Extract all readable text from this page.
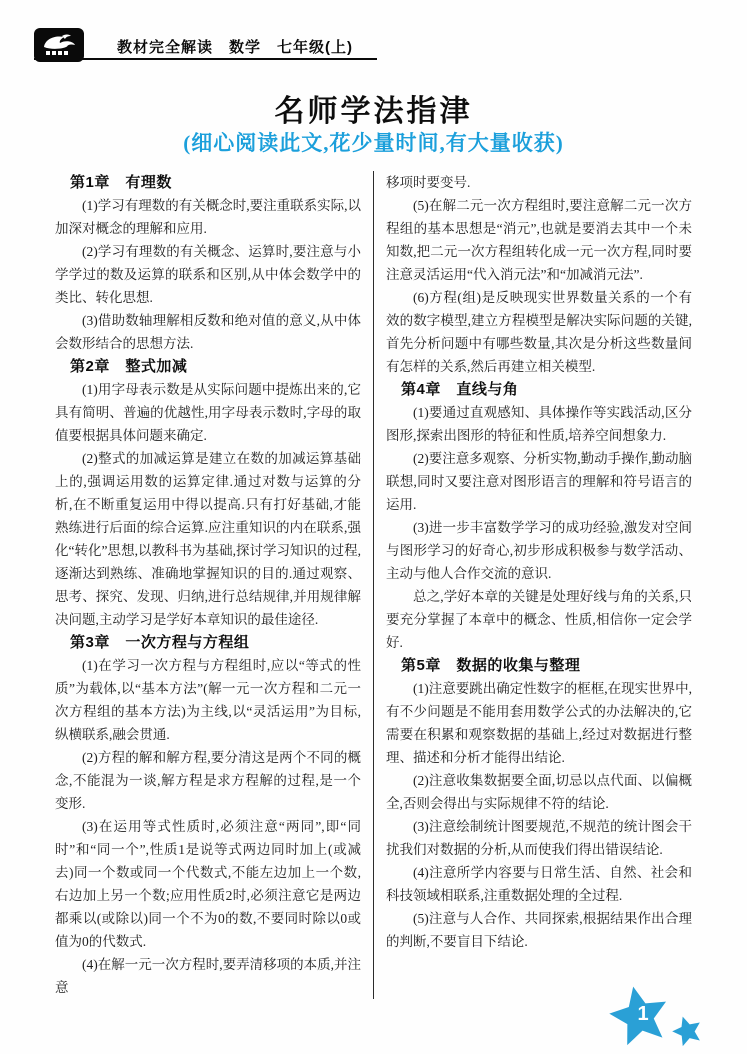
教材完全解读　数学　七年级(上)
名师学法指津
(细心阅读此文,花少量时间,有大量收获)
第1章　有理数

(1)学习有理数的有关概念时,要注重联系实际,以加深对概念的理解和应用.

(2)学习有理数的有关概念、运算时,要注意与小学学过的数及运算的联系和区别,从中体会数学中的类比、转化思想.

(3)借助数轴理解相反数和绝对值的意义,从中体会数形结合的思想方法.

第2章　整式加减

(1)用字母表示数是从实际问题中提炼出来的,它具有简明、普遍的优越性,用字母表示数时,字母的取值要根据具体问题来确定.

(2)整式的加减运算是建立在数的加减运算基础上的,强调运用数的运算定律.通过对数与运算的分析,在不断重复运用中得以提高.只有打好基础,才能熟练进行后面的综合运算.应注重知识的内在联系,强化“转化”思想,以教科书为基础,探讨学习知识的过程,逐渐达到熟练、准确地掌握知识的目的.通过观察、思考、探究、发现、归纳,进行总结规律,并用规律解决问题,主动学习是学好本章知识的最佳途径.

第3章　一次方程与方程组

(1)在学习一次方程与方程组时,应以“等式的性质”为载体,以“基本方法”(解一元一次方程和二元一次方程组的基本方法)为主线,以“灵活运用”为目标,纵横联系,融会贯通.

(2)方程的解和解方程,要分清这是两个不同的概念,不能混为一谈,解方程是求方程解的过程,是一个变形.

(3)在运用等式性质时,必须注意“两同”,即“同时”和“同一个”,性质1是说等式两边同时加上(或减去)同一个数或同一个代数式,不能左边加上一个数,右边加上另一个数;应用性质2时,必须注意它是两边都乘以(或除以)同一个不为0的数,不要同时除以0或值为0的代数式.

(4)在解一元一次方程时,要弄清移项的本质,并注意

移项时要变号.

(5)在解二元一次方程组时,要注意解二元一次方程组的基本思想是“消元”,也就是要消去其中一个未知数,把二元一次方程组转化成一元一次方程,同时要注意灵活运用“代入消元法”和“加减消元法”.

(6)方程(组)是反映现实世界数量关系的一个有效的数字模型,建立方程模型是解决实际问题的关键,首先分析问题中有哪些数量,其次是分析这些数量间有怎样的关系,然后再建立相关模型.

第4章　直线与角

(1)要通过直观感知、具体操作等实践活动,区分图形,探索出图形的特征和性质,培养空间想象力.

(2)要注意多观察、分析实物,勤动手操作,勤动脑联想,同时又要注意对图形语言的理解和符号语言的运用.

(3)进一步丰富数学学习的成功经验,激发对空间与图形学习的好奇心,初步形成积极参与数学活动、主动与他人合作交流的意识.

总之,学好本章的关键是处理好线与角的关系,只要充分掌握了本章中的概念、性质,相信你一定会学好.

第5章　数据的收集与整理

(1)注意要跳出确定性数字的框框,在现实世界中,有不少问题是不能用套用数学公式的办法解决的,它需要在积累和观察数据的基础上,经过对数据进行整理、描述和分析才能得出结论.

(2)注意收集数据要全面,切忌以点代面、以偏概全,否则会得出与实际规律不符的结论.

(3)注意绘制统计图要规范,不规范的统计图会干扰我们对数据的分析,从而使我们得出错误结论.

(4)注意所学内容要与日常生活、自然、社会和科技领域相联系,注重数据处理的全过程.

(5)注意与人合作、共同探索,根据结果作出合理的判断,不要盲目下结论.

1
